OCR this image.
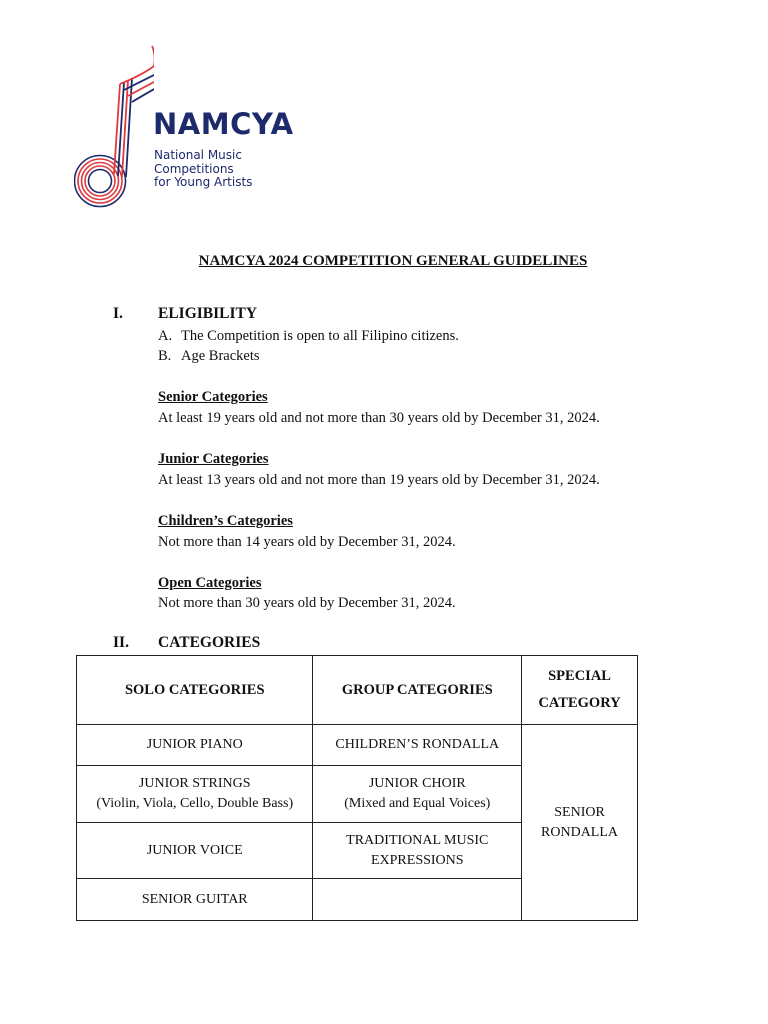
NAMCYA
National Music
Competitions
for Young Artists
NAMCYA 2024 COMPETITION GENERAL GUIDELINES
I. ELIGIBILITY
A. The Competition is open to all Filipino citizens.
B. Age Brackets
Senior Categories
At least 19 years old and not more than 30 years old by December 31, 2024.
Junior Categories
At least 13 years old and not more than 19 years old by December 31, 2024.
Children’s Categories
Not more than 14 years old by December 31, 2024.
Open Categories
Not more than 30 years old by December 31, 2024.
II. CATEGORIES
SOLO CATEGORIES	GROUP CATEGORIES	SPECIAL
CATEGORY

JUNIOR PIANO	CHILDREN’S RONDALLA	SENIOR
RONDALLA

JUNIOR STRINGS
(Violin, Viola, Cello, Double Bass)	JUNIOR CHOIR
(Mixed and Equal Voices)	

JUNIOR VOICE	TRADITIONAL MUSIC
EXPRESSIONS	

SENIOR GUITAR		
